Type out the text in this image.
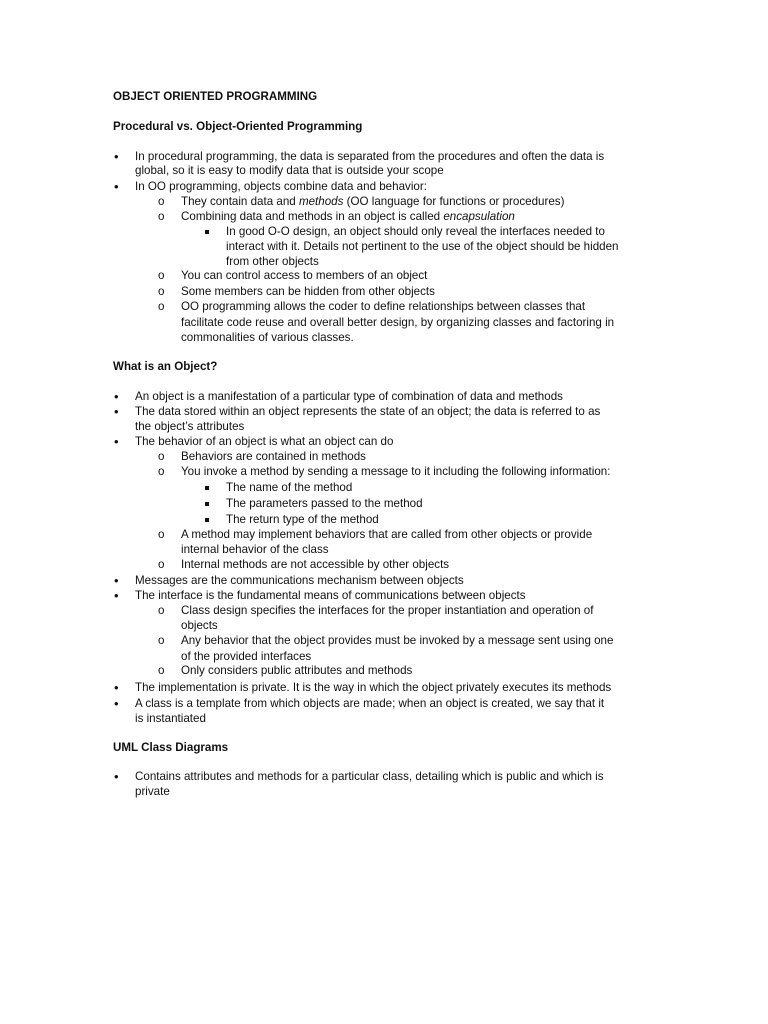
OBJECT ORIENTED PROGRAMMING
Procedural vs. Object-Oriented Programming
• In procedural programming, the data is separated from the procedures and often the data is
global, so it is easy to modify data that is outside your scope
• In OO programming, objects combine data and behavior:
o They contain data and methods (OO language for functions or procedures)
o Combining data and methods in an object is called encapsulation
In good O-O design, an object should only reveal the interfaces needed to
interact with it. Details not pertinent to the use of the object should be hidden
from other objects
o You can control access to members of an object
o Some members can be hidden from other objects
o OO programming allows the coder to define relationships between classes that
facilitate code reuse and overall better design, by organizing classes and factoring in
commonalities of various classes.
What is an Object?
• An object is a manifestation of a particular type of combination of data and methods
• The data stored within an object represents the state of an object; the data is referred to as
the object’s attributes
• The behavior of an object is what an object can do
o Behaviors are contained in methods
o You invoke a method by sending a message to it including the following information:
The name of the method
The parameters passed to the method
The return type of the method
o A method may implement behaviors that are called from other objects or provide
internal behavior of the class
o Internal methods are not accessible by other objects
• Messages are the communications mechanism between objects
• The interface is the fundamental means of communications between objects
o Class design specifies the interfaces for the proper instantiation and operation of
objects
o Any behavior that the object provides must be invoked by a message sent using one
of the provided interfaces
o Only considers public attributes and methods
• The implementation is private. It is the way in which the object privately executes its methods
• A class is a template from which objects are made; when an object is created, we say that it
is instantiated
UML Class Diagrams
• Contains attributes and methods for a particular class, detailing which is public and which is
private
